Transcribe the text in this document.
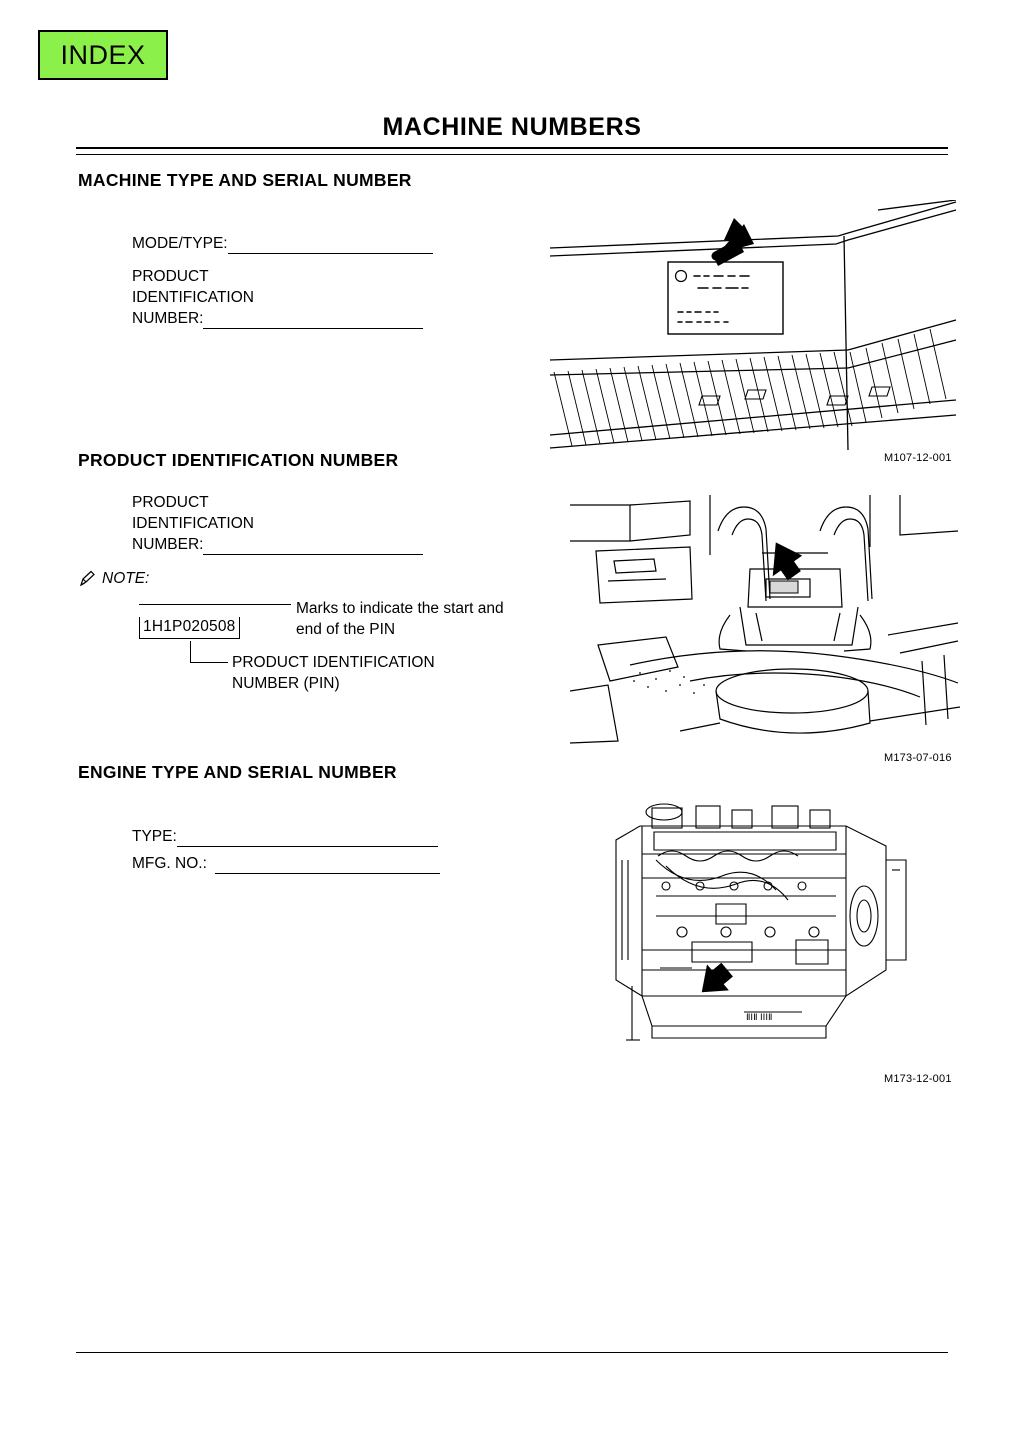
INDEX
MACHINE NUMBERS
MACHINE TYPE AND SERIAL NUMBER
MODE/TYPE:
PRODUCT
IDENTIFICATION
NUMBER:
M107-12-001
PRODUCT IDENTIFICATION NUMBER
PRODUCT
IDENTIFICATION
NUMBER:
NOTE:
1H1P020508
Marks to indicate the start and
end of the PIN
PRODUCT IDENTIFICATION
NUMBER (PIN)
M173-07-016
ENGINE TYPE AND SERIAL NUMBER
TYPE:
MFG. NO.:
ⅡⅠⅡ ⅠⅠⅠⅡ
M173-12-001
